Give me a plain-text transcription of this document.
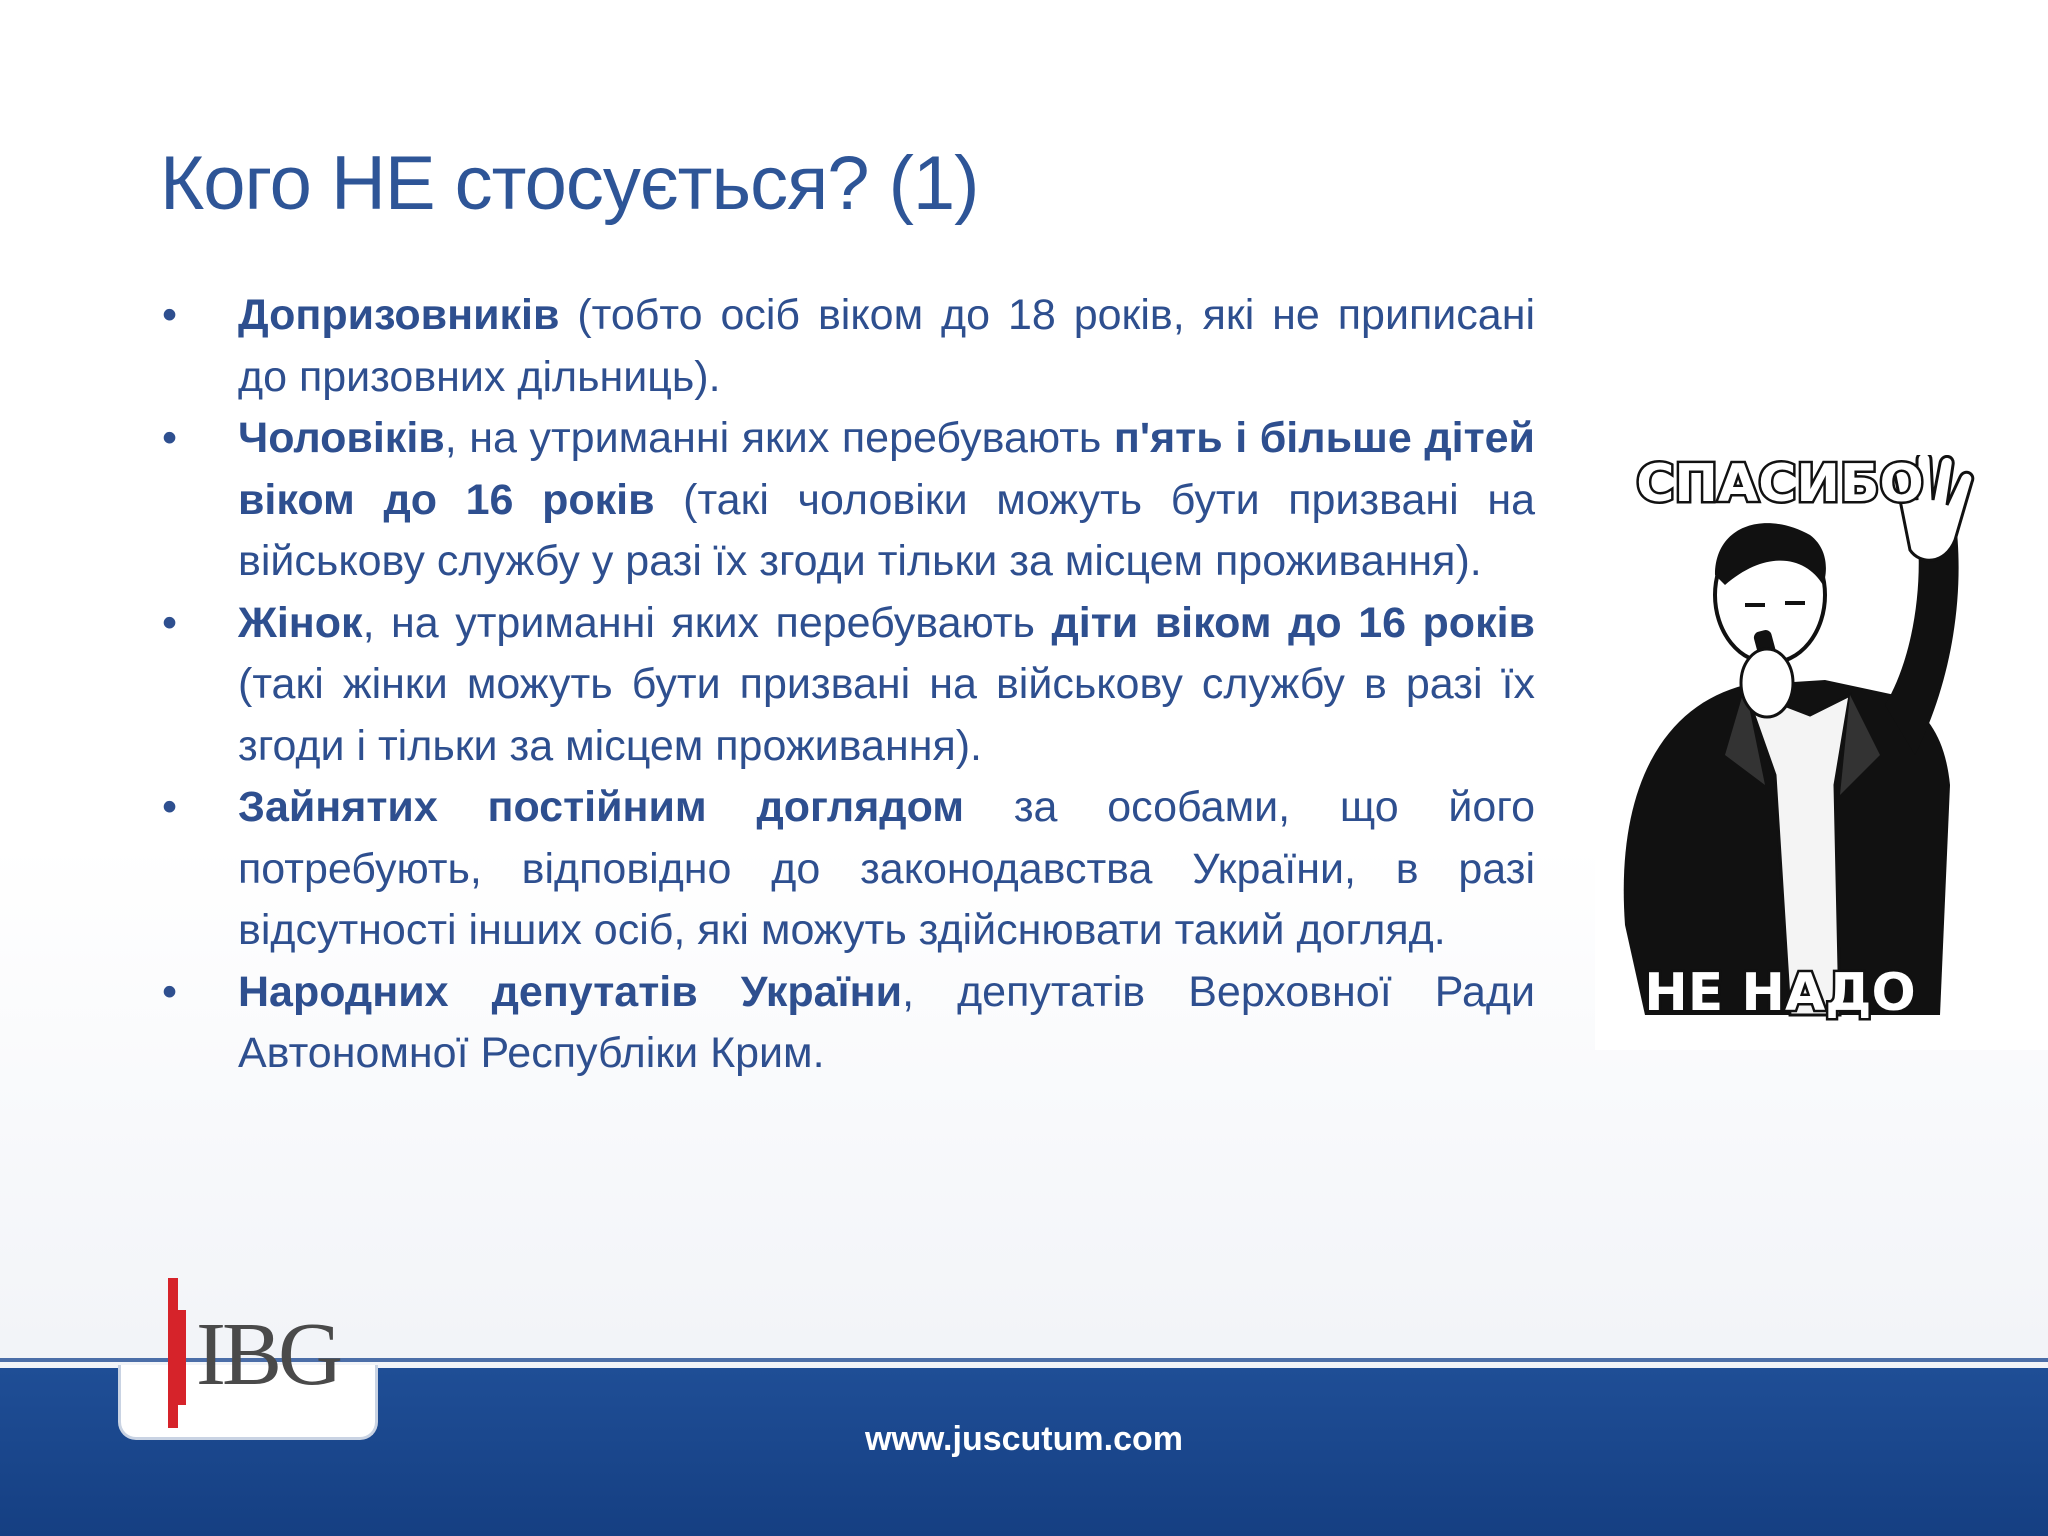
Кого НЕ стосується? (1)
• Допризовників (тобто осіб віком до 18 років, які не приписані до призовних дільниць).
• Чоловіків, на утриманні яких перебувають п'ять і більше дітей віком до 16 років (такі чоловіки можуть бути призвані на військову службу у разі їх згоди тільки за місцем проживання).
• Жінок, на утриманні яких перебувають діти віком до 16 років (такі жінки можуть бути призвані на військову службу в разі їх згоди і тільки за місцем проживання).
• Зайнятих постійним доглядом за особами, що його потребують, відповідно до законодавства України, в разі відсутності інших осіб, які можуть здійснювати такий догляд.
• Народних депутатів України, депутатів Верховної Ради Автономної Республіки Крим.
СПАСИБО
НЕ НАДО
www.juscutum.com
IBG
